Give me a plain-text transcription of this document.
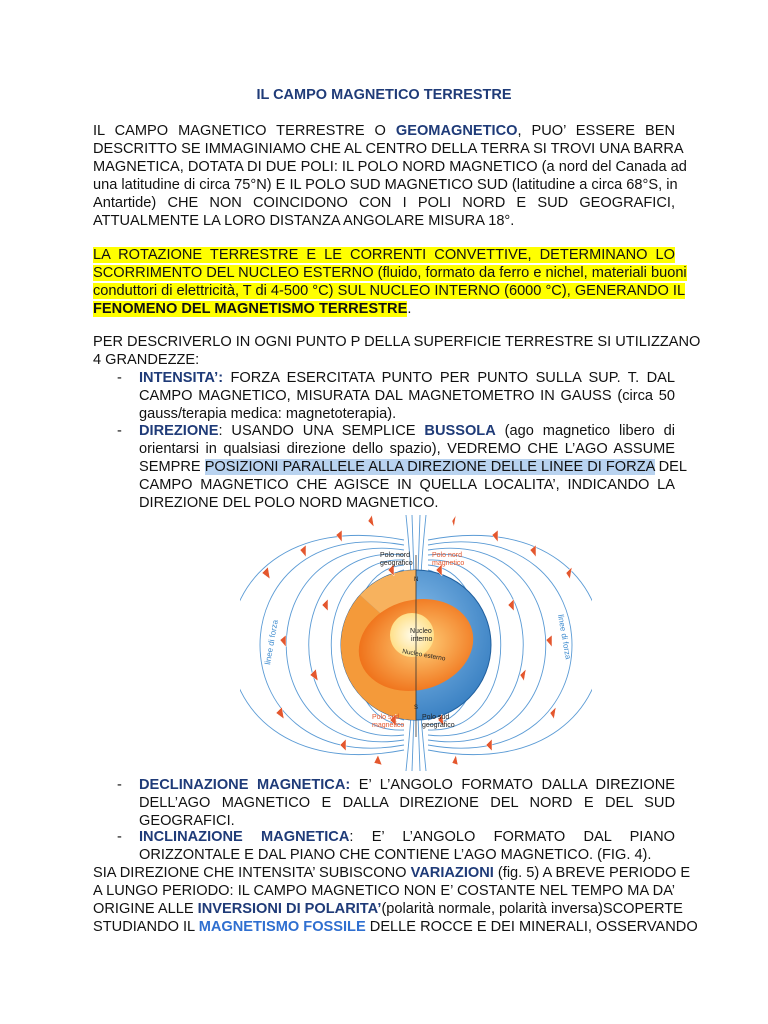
IL CAMPO MAGNETICO TERRESTRE
IL CAMPO MAGNETICO TERRESTRE O GEOMAGNETICO, PUO’ ESSERE BEN
DESCRITTO SE IMMAGINIAMO CHE AL CENTRO DELLA TERRA SI TROVI UNA BARRA
MAGNETICA, DOTATA DI DUE POLI: IL POLO NORD MAGNETICO (a nord del Canada ad
una latitudine di circa 75°N) E IL POLO SUD MAGNETICO SUD (latitudine a circa 68°S, in
Antartide) CHE NON COINCIDONO CON I POLI NORD E SUD GEOGRAFICI,
ATTUALMENTE LA LORO DISTANZA ANGOLARE MISURA 18°.
LA ROTAZIONE TERRESTRE E LE CORRENTI CONVETTIVE, DETERMINANO LO
SCORRIMENTO DEL NUCLEO ESTERNO (fluido, formato da ferro e nichel, materiali buoni
conduttori di elettricità, T di 4-500 °C) SUL NUCLEO INTERNO (6000 °C), GENERANDO IL
FENOMENO DEL MAGNETISMO TERRESTRE.
PER DESCRIVERLO IN OGNI PUNTO P DELLA SUPERFICIE TERRESTRE SI UTILIZZANO
4 GRANDEZZE:
- INTENSITA’: FORZA ESERCITATA PUNTO PER PUNTO SULLA SUP. T. DAL
CAMPO MAGNETICO, MISURATA DAL MAGNETOMETRO IN GAUSS (circa 50
gauss/terapia medica: magnetoterapia).
- DIREZIONE: USANDO UNA SEMPLICE BUSSOLA (ago magnetico libero di
orientarsi in qualsiasi direzione dello spazio), VEDREMO CHE L’AGO ASSUME
SEMPRE POSIZIONI PARALLELE ALLA DIREZIONE DELLE LINEE DI FORZA DEL
CAMPO MAGNETICO CHE AGISCE IN QUELLA LOCALITA’, INDICANDO LA
DIREZIONE DEL POLO NORD MAGNETICO.
Polo nord
geografico
Polo nord
magnetico
N
Nucleo
interno
Nucleo esterno
S
Polo sud
magnetico
Polo sud
geografico
linee di forza	linee di forza
- DECLINAZIONE MAGNETICA: E’ L’ANGOLO FORMATO DALLA DIREZIONE
DELL’AGO MAGNETICO E DALLA DIREZIONE DEL NORD E DEL SUD
GEOGRAFICI.
- INCLINAZIONE MAGNETICA: E’ L’ANGOLO FORMATO DAL PIANO
ORIZZONTALE E DAL PIANO CHE CONTIENE L’AGO MAGNETICO. (FIG. 4).
SIA DIREZIONE CHE INTENSITA’ SUBISCONO VARIAZIONI (fig. 5) A BREVE PERIODO E
A LUNGO PERIODO: IL CAMPO MAGNETICO NON E’ COSTANTE NEL TEMPO MA DA’
ORIGINE ALLE INVERSIONI DI POLARITA’(polarità normale, polarità inversa)SCOPERTE
STUDIANDO IL MAGNETISMO FOSSILE DELLE ROCCE E DEI MINERALI, OSSERVANDO
